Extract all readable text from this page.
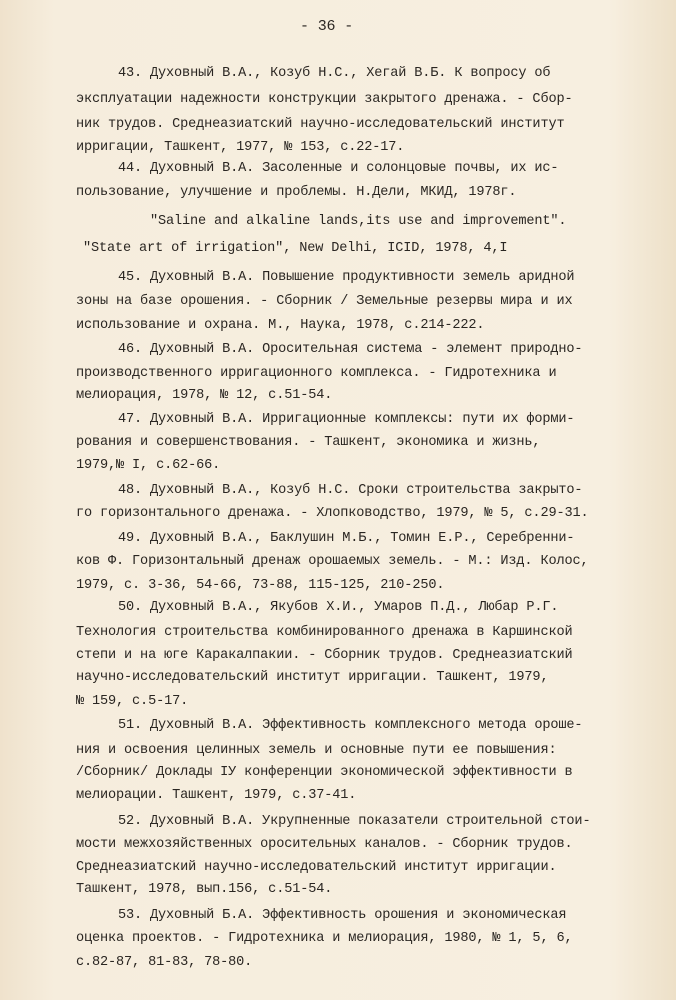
- 36 -
43. Духовный В.А., Козуб Н.С., Хегай В.Б. К вопросу об
эксплуатации надежности конструкции закрытого дренажа. - Сбор-
ник трудов. Среднеазиатский научно-исследовательский институт
ирригации, Ташкент, 1977, № 153, с.22-17.
44. Духовный В.А. Засоленные и солонцовые почвы, их ис-
пользование, улучшение и проблемы. Н.Дели, МКИД, 1978г.
"Saline and alkaline lands,its use and improvement".
"State art of irrigation", New Delhi, ICID, 1978, 4,I
45. Духовный В.А. Повышение продуктивности земель аридной
зоны на базе орошения. - Сборник / Земельные резервы мира и их
использование и охрана. М., Наука, 1978, с.214-222.
46. Духовный В.А. Оросительная система - элемент природно-
производственного ирригационного комплекса. - Гидротехника и
мелиорация, 1978, № 12, с.51-54.
47. Духовный В.А. Ирригационные комплексы: пути их форми-
рования и совершенствования. - Ташкент, экономика и жизнь,
1979,№ I, с.62-66.
48. Духовный В.А., Козуб Н.С. Сроки строительства закрыто-
го горизонтального дренажа. - Хлопководство, 1979, № 5, с.29-31.
49. Духовный В.А., Баклушин М.Б., Томин Е.Р., Серебренни-
ков Ф. Горизонтальный дренаж орошаемых земель. - М.: Изд. Колос,
1979, с. 3-36, 54-66, 73-88, 115-125, 210-250.
50. Духовный В.А., Якубов Х.И., Умаров П.Д., Любар Р.Г.
Технология строительства комбинированного дренажа в Каршинской
степи и на юге Каракалпакии. - Сборник трудов. Среднеазиатский
научно-исследовательский институт ирригации. Ташкент, 1979,
№ 159, с.5-17.
51. Духовный В.А. Эффективность комплексного метода ороше-
ния и освоения целинных земель и основные пути ее повышения:
/Сборник/ Доклады IУ конференции экономической эффективности в
мелиорации. Ташкент, 1979, с.37-41.
52. Духовный В.А. Укрупненные показатели строительной стои-
мости межхозяйственных оросительных каналов. - Сборник трудов.
Среднеазиатский научно-исследовательский институт ирригации.
Ташкент, 1978, вып.156, с.51-54.
53. Духовный Б.А. Эффективность орошения и экономическая
оценка проектов. - Гидротехника и мелиорация, 1980, № 1, 5, 6,
с.82-87, 81-83, 78-80.
